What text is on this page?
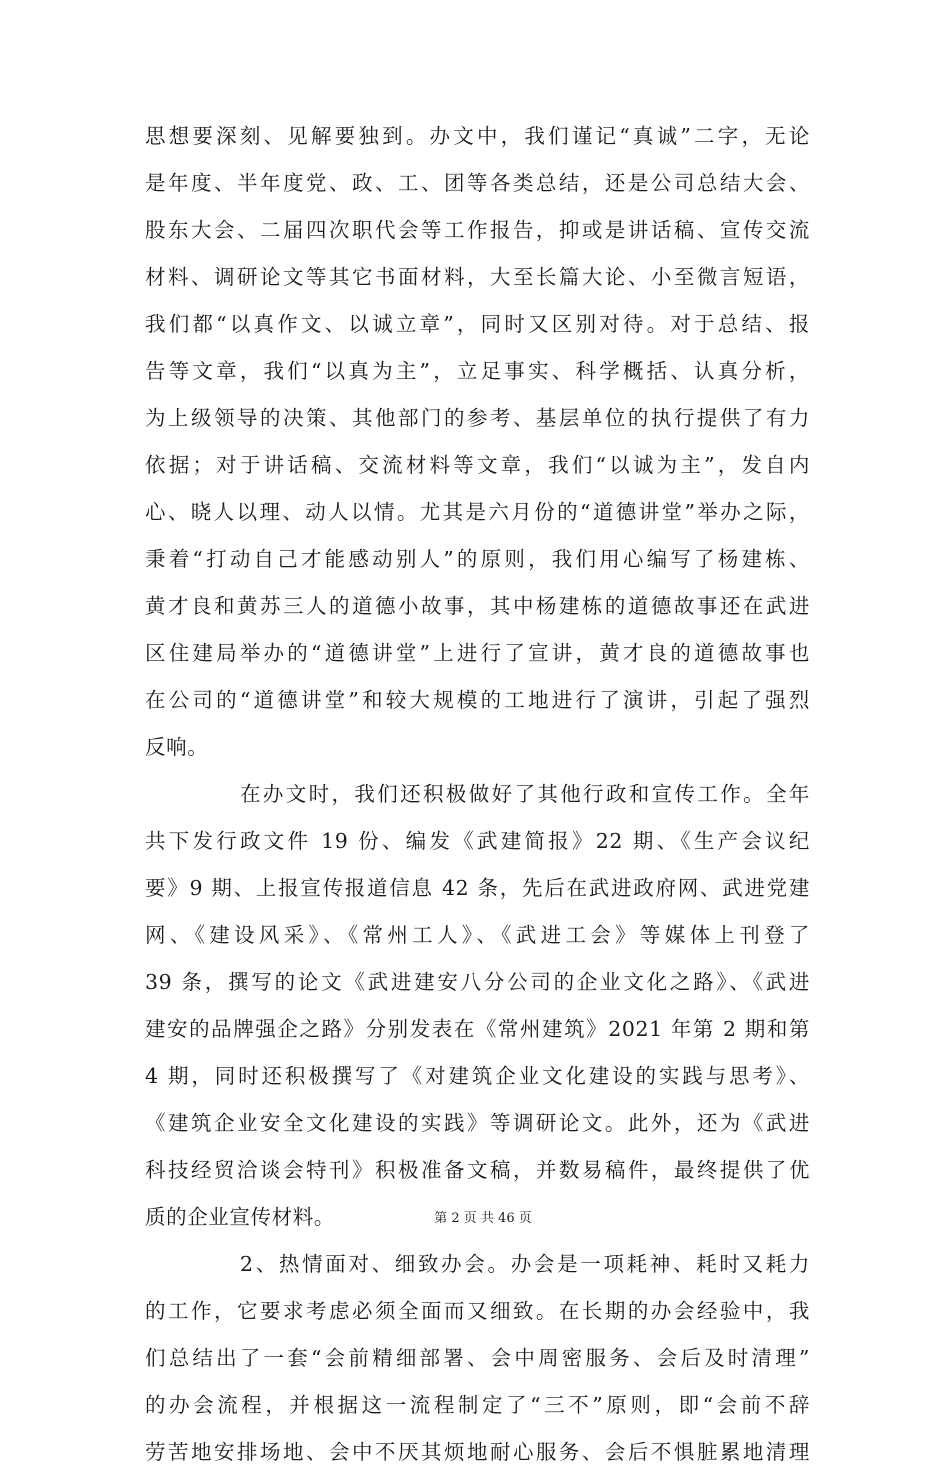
思想要深刻、见解要独到。办文中，我们谨记“真诚”二字，无论
是年度、半年度党、政、工、团等各类总结，还是公司总结大会、
股东大会、二届四次职代会等工作报告，抑或是讲话稿、宣传交流
材料、调研论文等其它书面材料，大至长篇大论、小至微言短语，
我们都“以真作文、以诚立章”，同时又区别对待。对于总结、报
告等文章，我们“以真为主”，立足事实、科学概括、认真分析，
为上级领导的决策、其他部门的参考、基层单位的执行提供了有力
依据；对于讲话稿、交流材料等文章，我们“以诚为主”，发自内
心、晓人以理、动人以情。尤其是六月份的“道德讲堂”举办之际，
秉着“打动自己才能感动别人”的原则，我们用心编写了杨建栋、
黄才良和黄苏三人的道德小故事，其中杨建栋的道德故事还在武进
区住建局举办的“道德讲堂”上进行了宣讲，黄才良的道德故事也
在公司的“道德讲堂”和较大规模的工地进行了演讲，引起了强烈
反响。
在办文时，我们还积极做好了其他行政和宣传工作。全年
共下发行政文件 19 份、编发《武建简报》22 期、《生产会议纪
要》9 期、上报宣传报道信息 42 条，先后在武进政府网、武进党建
网、《建设风采》、《常州工人》、《武进工会》等媒体上刊登了
39 条，撰写的论文《武进建安八分公司的企业文化之路》、《武进
建安的品牌强企之路》分别发表在《常州建筑》2021 年第 2 期和第
4 期，同时还积极撰写了《对建筑企业文化建设的实践与思考》、
《建筑企业安全文化建设的实践》等调研论文。此外，还为《武进
科技经贸洽谈会特刊》积极准备文稿，并数易稿件，最终提供了优
质的企业宣传材料。
2、热情面对、细致办会。办会是一项耗神、耗时又耗力
的工作，它要求考虑必须全面而又细致。在长期的办会经验中，我
们总结出了一套“会前精细部署、会中周密服务、会后及时清理”
的办会流程，并根据这一流程制定了“三不”原则，即“会前不辞
劳苦地安排场地、会中不厌其烦地耐心服务、会后不惧脏累地清理
第 2 页 共 46 页
